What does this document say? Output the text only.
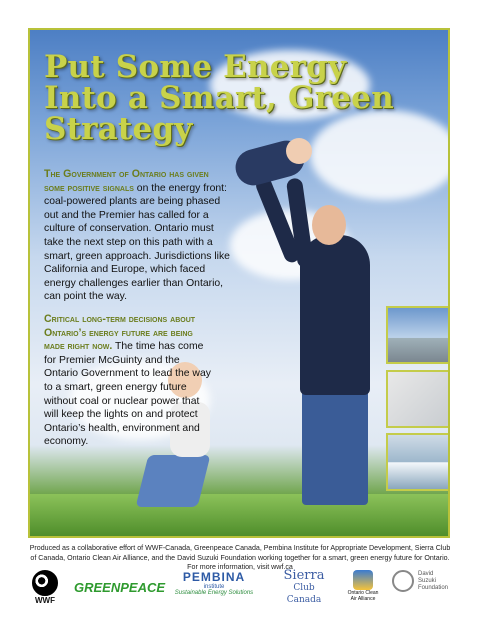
Put Some Energy
Into a Smart, Green
Strategy
The Government of Ontario has given some positive signals on the energy front: coal-powered plants are being phased out and the Premier has called for a culture of conservation. Ontario must take the next step on this path with a smart, green approach. Jurisdictions like California and Europe, which faced energy challenges earlier than Ontario, can point the way.
Critical long-term decisions about Ontario’s energy future are being made right now. The time has come for Premier McGuinty and the Ontario Government to lead the way to a smart, green energy future without coal or nuclear power that will keep the lights on and protect Ontario’s health, environment and economy.
Produced as a collaborative effort of WWF-Canada, Greenpeace Canada, Pembina Institute for Appropriate Development, Sierra Club of Canada, Ontario Clean Air Alliance, and the David Suzuki Foundation working together for a smart, green energy future for Ontario. For more information, visit wwf.ca
WWF
GREENPEACE
PEMBINA
institute
Sustainable Energy Solutions
Sierra
Club
Canada
Ontario Clean Air Alliance
David
Suzuki
Foundation
